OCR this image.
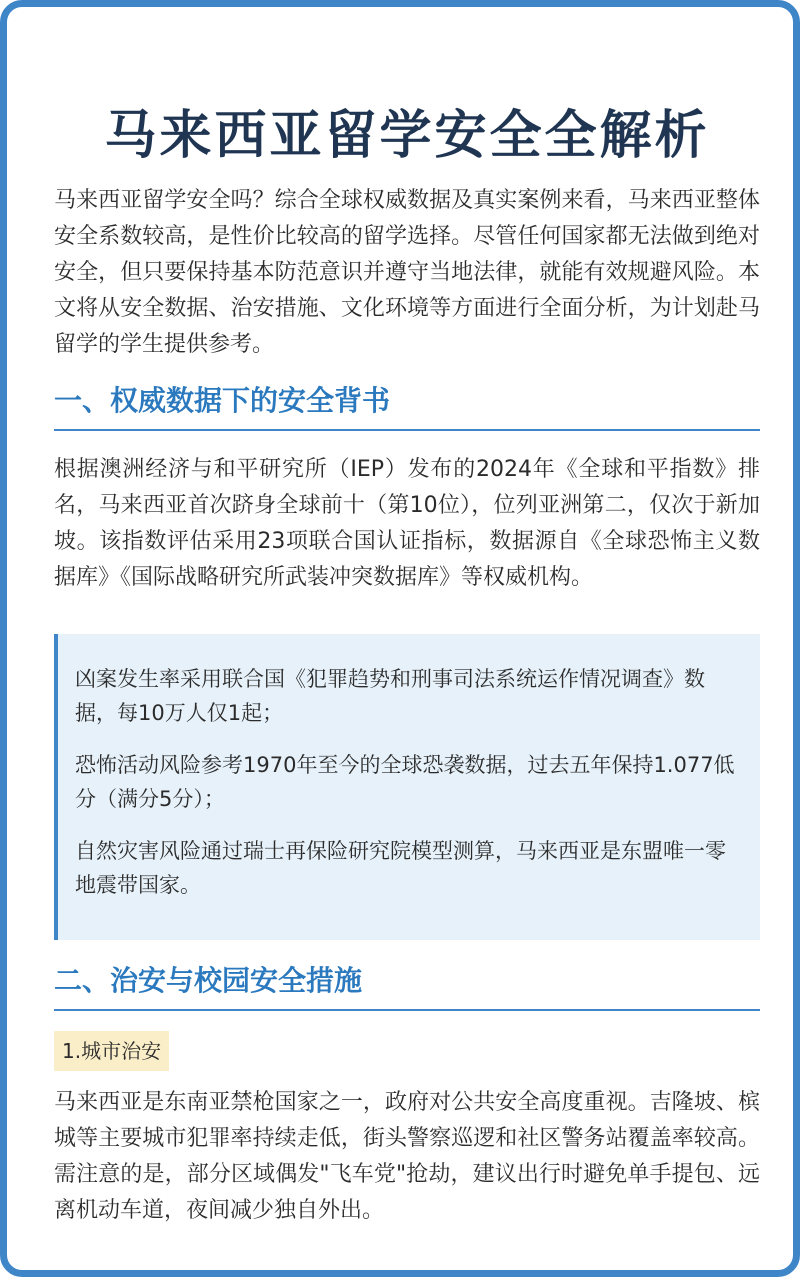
马来西亚留学安全全解析

马来西亚留学安全吗？综合全球权威数据及真实案例来看，马来西亚整体安全系数较高，是性价比较高的留学选择。尽管任何国家都无法做到绝对安全，但只要保持基本防范意识并遵守当地法律，就能有效规避风险。本文将从安全数据、治安措施、文化环境等方面进行全面分析，为计划赴马留学的学生提供参考。

一、权威数据下的安全背书

根据澳洲经济与和平研究所（IEP）发布的2024年《全球和平指数》排名，马来西亚首次跻身全球前十（第10位），位列亚洲第二，仅次于新加坡。该指数评估采用23项联合国认证指标，数据源自《全球恐怖主义数据库》《国际战略研究所武装冲突数据库》等权威机构。

凶案发生率采用联合国《犯罪趋势和刑事司法系统运作情况调查》数据，每10万人仅1起；

恐怖活动风险参考1970年至今的全球恐袭数据，过去五年保持1.077低分（满分5分）；

自然灾害风险通过瑞士再保险研究院模型测算，马来西亚是东盟唯一零地震带国家。

二、治安与校园安全措施
1.城市治安

马来西亚是东南亚禁枪国家之一，政府对公共安全高度重视。吉隆坡、槟城等主要城市犯罪率持续走低，街头警察巡逻和社区警务站覆盖率较高。需注意的是，部分区域偶发"飞车党"抢劫，建议出行时避免单手提包、远离机动车道，夜间减少独自外出。
